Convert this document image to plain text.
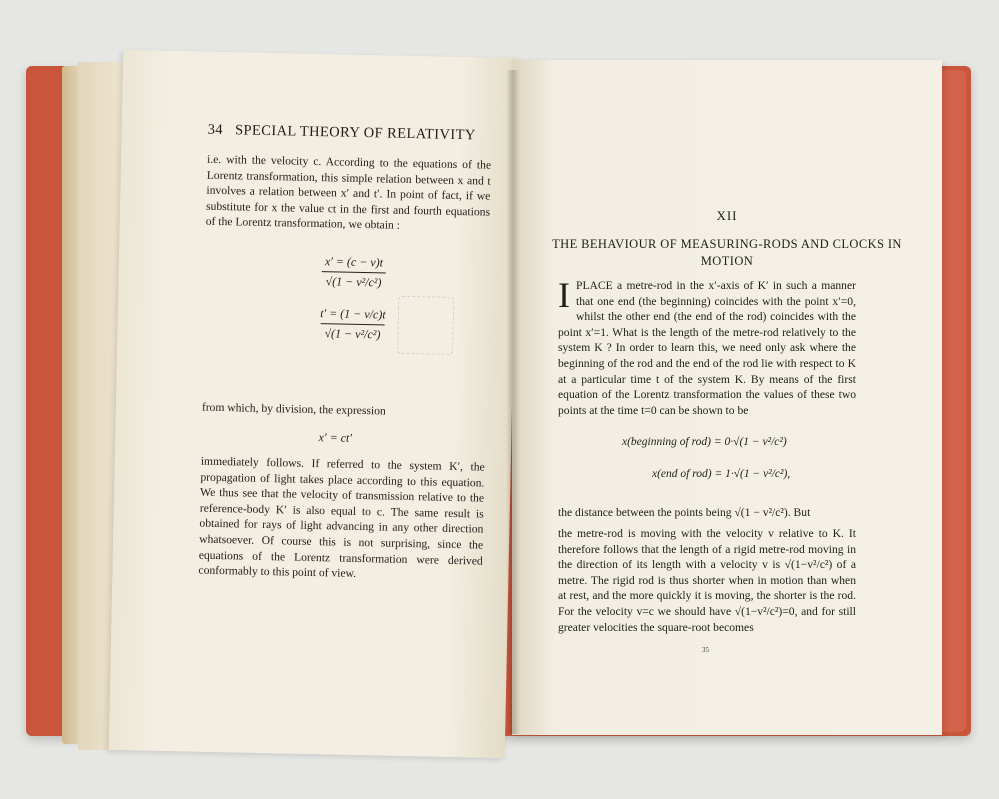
34 SPECIAL THEORY OF RELATIVITY
i.e. with the velocity c. According to the equations of the Lorentz transformation, this simple relation between x and t involves a relation between x′ and t′. In point of fact, if we substitute for x the value ct in the first and fourth equations of the Lorentz transformation, we obtain :
x′ = (c − v)t
√(1 − v²/c²)
t′ = (1 − v/c)t
√(1 − v²/c²)
from which, by division, the expression
x′ = ct′
immediately follows. If referred to the system K′, the propagation of light takes place according to this equation. We thus see that the velocity of transmission relative to the reference-body K′ is also equal to c. The same result is obtained for rays of light advancing in any other direction whatsoever. Of course this is not surprising, since the equations of the Lorentz transformation were derived conformably to this point of view.
XII
THE BEHAVIOUR OF MEASURING-RODS AND CLOCKS IN MOTION
I PLACE a metre-rod in the x′-axis of K′ in such a manner that one end (the beginning) coincides with the point x′=0, whilst the other end (the end of the rod) coincides with the point x′=1. What is the length of the metre-rod relatively to the system K ? In order to learn this, we need only ask where the beginning of the rod and the end of the rod lie with respect to K at a particular time t of the system K. By means of the first equation of the Lorentz transformation the values of these two points at the time t=0 can be shown to be
x(beginning of rod) = 0·√(1 − v²/c²)
x(end of rod) = 1·√(1 − v²/c²),
the distance between the points being √(1 − v²/c²). But
the metre-rod is moving with the velocity v relative to K. It therefore follows that the length of a rigid metre-rod moving in the direction of its length with a velocity v is √(1−v²/c²) of a metre. The rigid rod is thus shorter when in motion than when at rest, and the more quickly it is moving, the shorter is the rod. For the velocity v=c we should have √(1−v²/c²)=0, and for still greater velocities the square-root becomes
35
